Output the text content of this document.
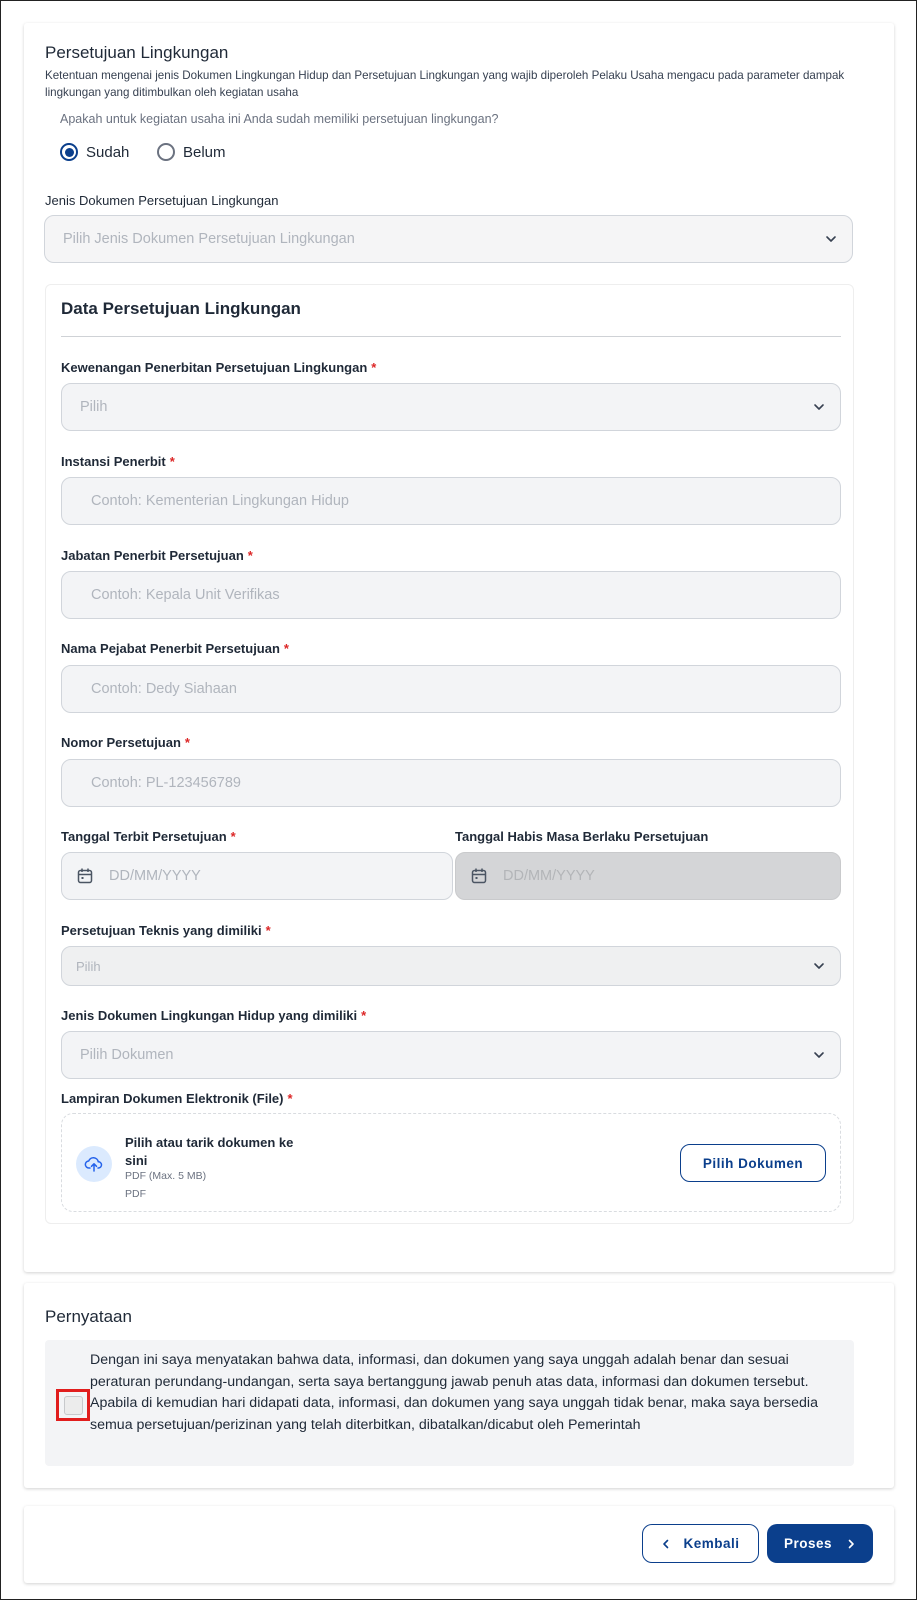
Persetujuan Lingkungan
Ketentuan mengenai jenis Dokumen Lingkungan Hidup dan Persetujuan Lingkungan yang wajib diperoleh Pelaku Usaha mengacu pada parameter dampak lingkungan yang ditimbulkan oleh kegiatan usaha
Apakah untuk kegiatan usaha ini Anda sudah memiliki persetujuan lingkungan?
Sudah	Belum
Jenis Dokumen Persetujuan Lingkungan
Pilih Jenis Dokumen Persetujuan Lingkungan
Data Persetujuan Lingkungan
Kewenangan Penerbitan Persetujuan Lingkungan *
Pilih
Instansi Penerbit *
Contoh: Kementerian Lingkungan Hidup
Jabatan Penerbit Persetujuan *
Contoh: Kepala Unit Verifikas
Nama Pejabat Penerbit Persetujuan *
Contoh: Dedy Siahaan
Nomor Persetujuan *
Contoh: PL-123456789
Tanggal Terbit Persetujuan *
DD/MM/YYYY
Tanggal Habis Masa Berlaku Persetujuan
DD/MM/YYYY
Persetujuan Teknis yang dimiliki *
Pilih
Jenis Dokumen Lingkungan Hidup yang dimiliki *
Pilih Dokumen
Lampiran Dokumen Elektronik (File) *
Pilih atau tarik dokumen ke sini
PDF (Max. 5 MB)
PDF
Pilih Dokumen
Pernyataan
Dengan ini saya menyatakan bahwa data, informasi, dan dokumen yang saya unggah adalah benar dan sesuai peraturan perundang-undangan, serta saya bertanggung jawab penuh atas data, informasi dan dokumen tersebut. Apabila di kemudian hari didapati data, informasi, dan dokumen yang saya unggah tidak benar, maka saya bersedia semua persetujuan/perizinan yang telah diterbitkan, dibatalkan/dicabut oleh Pemerintah
Kembali	Proses
